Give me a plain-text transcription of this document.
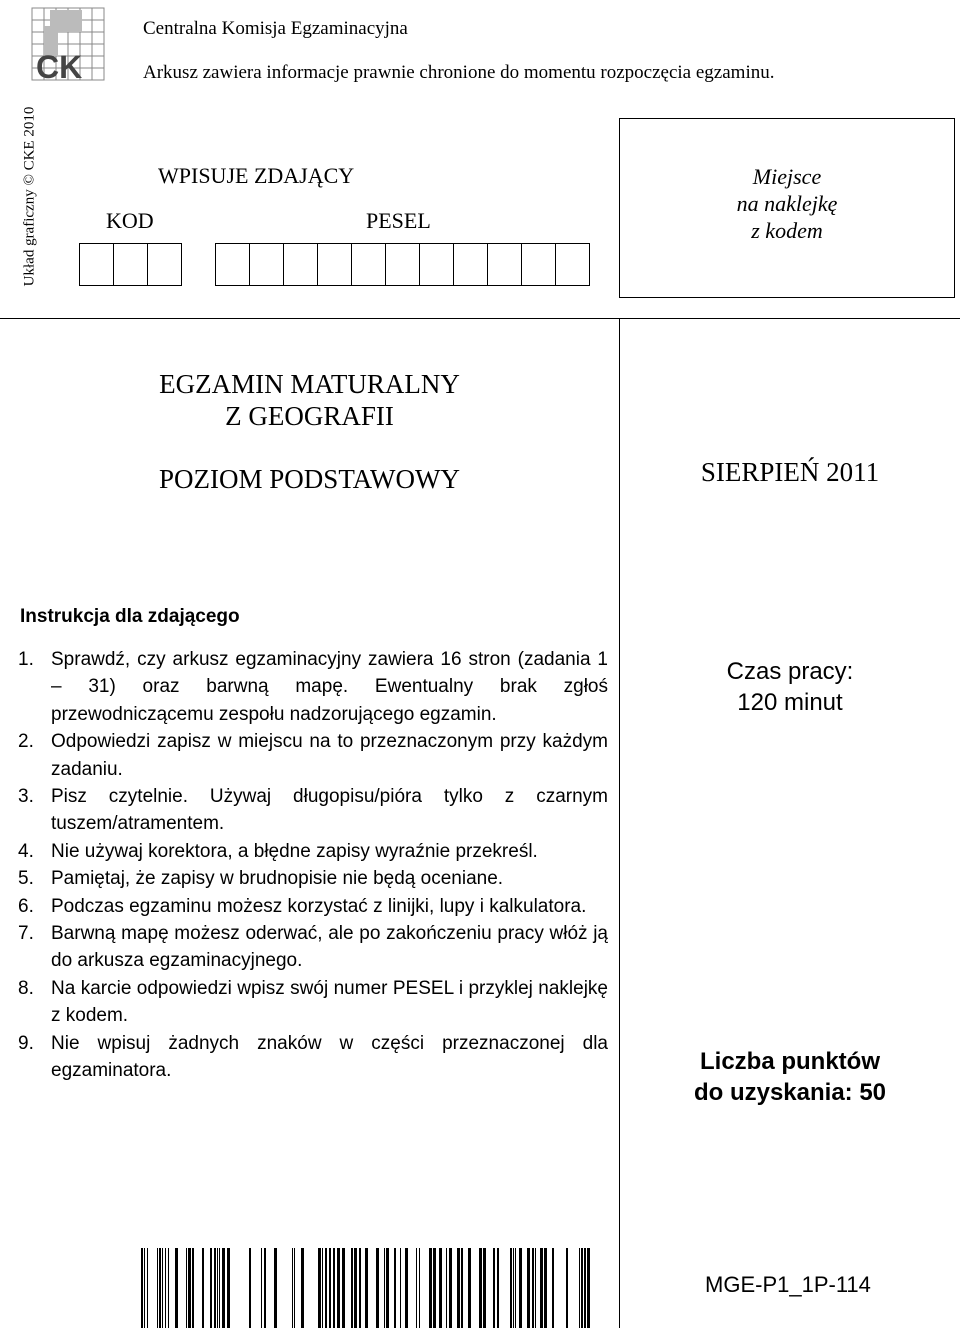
CK
Centralna Komisja Egzaminacyjna
Arkusz zawiera informacje prawnie chronione do momentu rozpoczęcia egzaminu.
Układ graficzny © CKE 2010	WPISUJE ZDAJĄCY
KOD	PESEL
Miejsce
na naklejkę
z kodem
EGZAMIN MATURALNY
Z GEOGRAFII
POZIOM PODSTAWOWY	SIERPIEŃ 2011
Instrukcja dla zdającego
1. Sprawdź, czy arkusz egzaminacyjny zawiera 16 stron (zadania 1 – 31) oraz barwną mapę. Ewentualny brak zgłoś przewodniczącemu zespołu nadzorującego egzamin.
2. Odpowiedzi zapisz w miejscu na to przeznaczonym przy każdym zadaniu.
3. Pisz czytelnie. Używaj długopisu/pióra tylko z czarnym tuszem/atramentem.
4. Nie używaj korektora, a błędne zapisy wyraźnie przekreśl.
5. Pamiętaj, że zapisy w brudnopisie nie będą oceniane.
6. Podczas egzaminu możesz korzystać z linijki, lupy i kalkulatora.
7. Barwną mapę możesz oderwać, ale po zakończeniu pracy włóż ją do arkusza egzaminacyjnego.
8. Na karcie odpowiedzi wpisz swój numer PESEL i przyklej naklejkę z kodem.
9. Nie wpisuj żadnych znaków w części przeznaczonej dla egzaminatora.
Czas pracy:
120 minut
Liczba punktów
do uzyskania: 50
MGE-P1_1P-114
